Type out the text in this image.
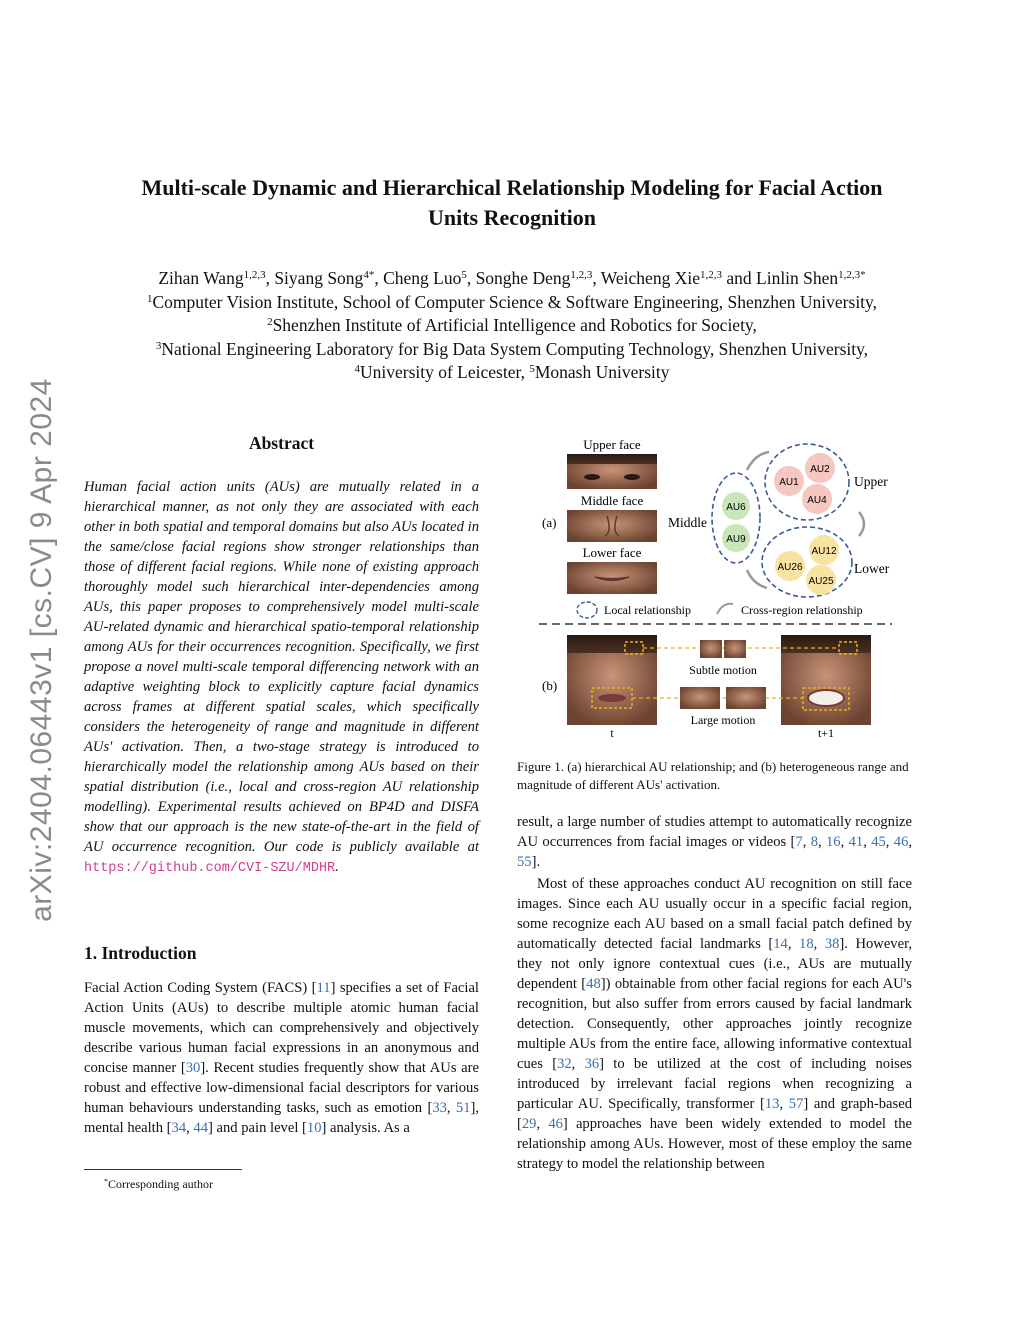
arXiv:2404.06443v1 [cs.CV] 9 Apr 2024
Multi-scale Dynamic and Hierarchical Relationship Modeling for Facial Action
Units Recognition
Zihan Wang$^{1,2,3}$, Siyang Song$^{4*}$, Cheng Luo$^5$, Songhe Deng$^{1,2,3}$, Weicheng Xie$^{1,2,3}$ and Linlin Shen$^{1,2,3*}$
$^1$Computer Vision Institute, School of Computer Science & Software Engineering, Shenzhen University,
$^2$Shenzhen Institute of Artificial Intelligence and Robotics for Society,
$^3$National Engineering Laboratory for Big Data System Computing Technology, Shenzhen University,
$^4$University of Leicester, $^5$Monash University
Abstract

Human facial action units (AUs) are mutually related in a hierarchical manner, as not only they are associated with each other in both spatial and temporal domains but also AUs located in the same/close facial regions show stronger relationships than those of different facial regions. While none of existing approach thoroughly model such hierarchical inter-dependencies among AUs, this paper proposes to comprehensively model multi-scale AU-related dynamic and hierarchical spatio-temporal relationship among AUs for their occurrences recognition. Specifically, we first propose a novel multi-scale temporal differencing network with an adaptive weighting block to explicitly capture facial dynamics across frames at different spatial scales, which specifically considers the heterogeneity of range and magnitude in different AUs' activation. Then, a two-stage strategy is introduced to hierarchically model the relationship among AUs based on their spatial distribution (i.e., local and cross-region AU relationship modelling). Experimental results achieved on BP4D and DISFA show that our approach is the new state-of-the-art in the field of AU occurrence recognition. Our code is publicly available at https://github.com/CVI-SZU/MDHR.

1. Introduction

Facial Action Coding System (FACS) [11] specifies a set of Facial Action Units (AUs) to describe multiple atomic human facial muscle movements, which can comprehensively and objectively describe various human facial expressions in an anonymous and concise manner [30]. Recent studies frequently show that AUs are robust and effective low-dimensional facial descriptors for various human behaviours understanding tasks, such as emotion [33, 51], mental health [34, 44] and pain level [10] analysis. As a

*Corresponding author
(a)
Upper face
Middle face
Lower face
Middle
Upper
Lower
AU6
AU9
AU1
AU2
AU4
AU26
AU12
AU25
Local relationship	Cross-region relationship
(b)
Subtle motion
Large motion
t	t+1
Figure 1. (a) hierarchical AU relationship; and (b) heterogeneous range and magnitude of different AUs' activation.

result, a large number of studies attempt to automatically recognize AU occurrences from facial images or videos [7, 8, 16, 41, 45, 46, 55].

Most of these approaches conduct AU recognition on still face images. Since each AU usually occur in a specific facial region, some recognize each AU based on a small facial patch defined by automatically detected facial landmarks [14, 18, 38]. However, they not only ignore contextual cues (i.e., AUs are mutually dependent [48]) obtainable from other facial regions for each AU's recognition, but also suffer from errors caused by facial landmark detection. Consequently, other approaches jointly recognize multiple AUs from the entire face, allowing informative contextual cues [32, 36] to be utilized at the cost of including noises introduced by irrelevant facial regions when recognizing a particular AU. Specifically, transformer [13, 57] and graph-based [29, 46] approaches have been widely extended to model the relationship among AUs. However, most of these employ the same strategy to model the relationship between
